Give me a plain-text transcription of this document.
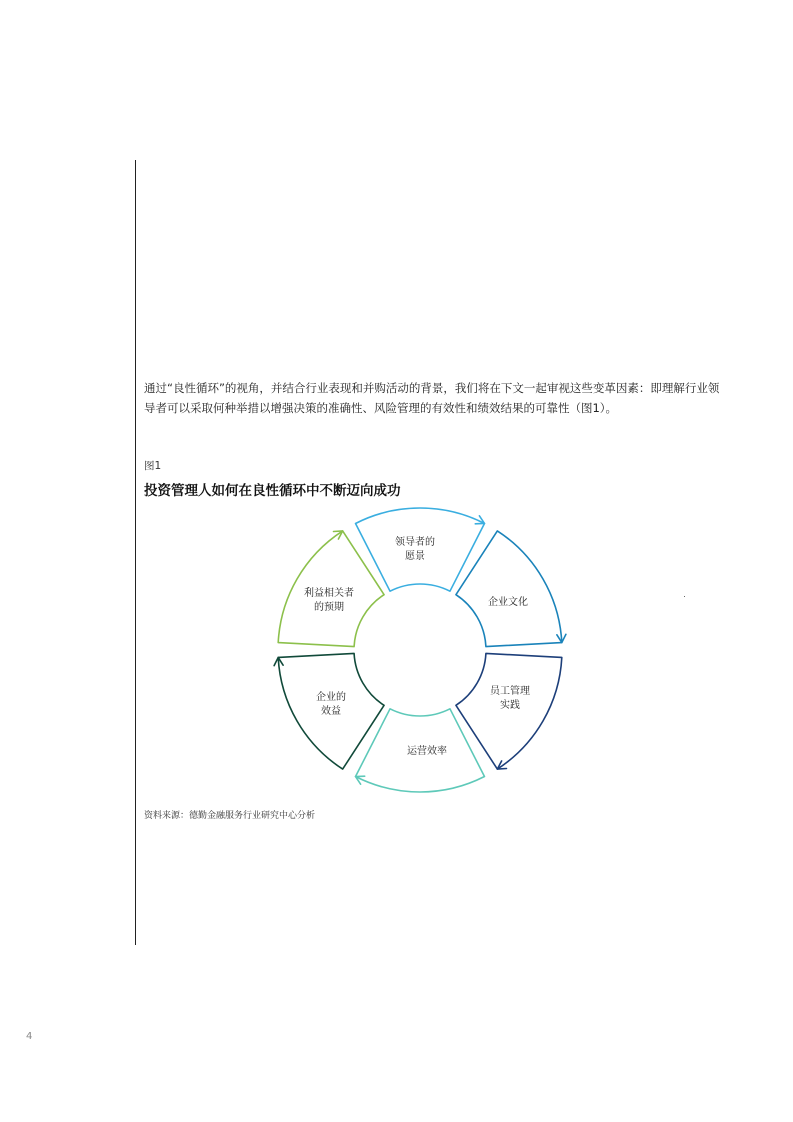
通过“良性循环”的视角，并结合行业表现和并购活动的背景，我们将在下文一起审视这些变革因素：即理解行业领导者可以采取何种举措以增强决策的准确性、风险管理的有效性和绩效结果的可靠性（图1）。

图1
投资管理人如何在良性循环中不断迈向成功
领导者的
愿景
企业文化
员工管理
实践
运营效率
企业的
效益
利益相关者
的预期
资料来源：德勤金融服务行业研究中心分析
4
